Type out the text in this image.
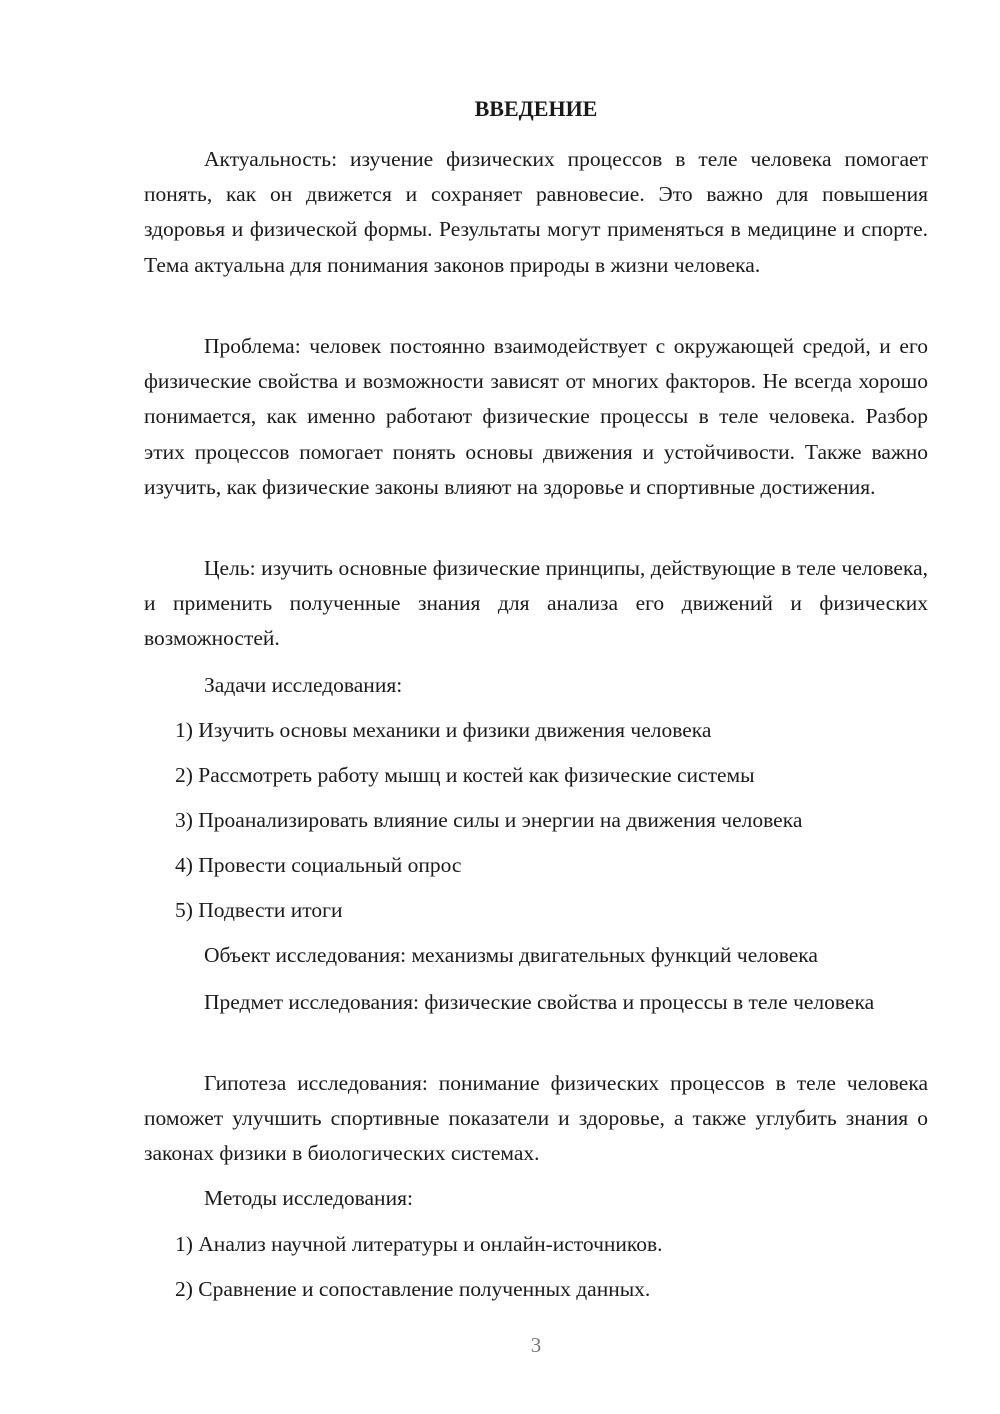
ВВЕДЕНИЕ

Актуальность: изучение физических процессов в теле человека помогает понять, как он движется и сохраняет равновесие. Это важно для повышения здоровья и физической формы. Результаты могут применяться в медицине и спорте. Тема актуальна для понимания законов природы в жизни человека.

Проблема: человек постоянно взаимодействует с окружающей средой, и его физические свойства и возможности зависят от многих факторов. Не всегда хорошо понимается, как именно работают физические процессы в теле человека. Разбор этих процессов помогает понять основы движения и устойчивости. Также важно изучить, как физические законы влияют на здоровье и спортивные достижения.

Цель: изучить основные физические принципы, действующие в теле человека, и применить полученные знания для анализа его движений и физических возможностей.

Задачи исследования:
1) Изучить основы механики и физики движения человека
2) Рассмотреть работу мышц и костей как физические системы
3) Проанализировать влияние силы и энергии на движения человека
4) Провести социальный опрос
5) Подвести итоги
Объект исследования: механизмы двигательных функций человека

Предмет исследования: физические свойства и процессы в теле человека

Гипотеза исследования: понимание физических процессов в теле человека поможет улучшить спортивные показатели и здоровье, а также углубить знания о законах физики в биологических системах.

Методы исследования:
1) Анализ научной литературы и онлайн-источников.
2) Сравнение и сопоставление полученных данных.
3
